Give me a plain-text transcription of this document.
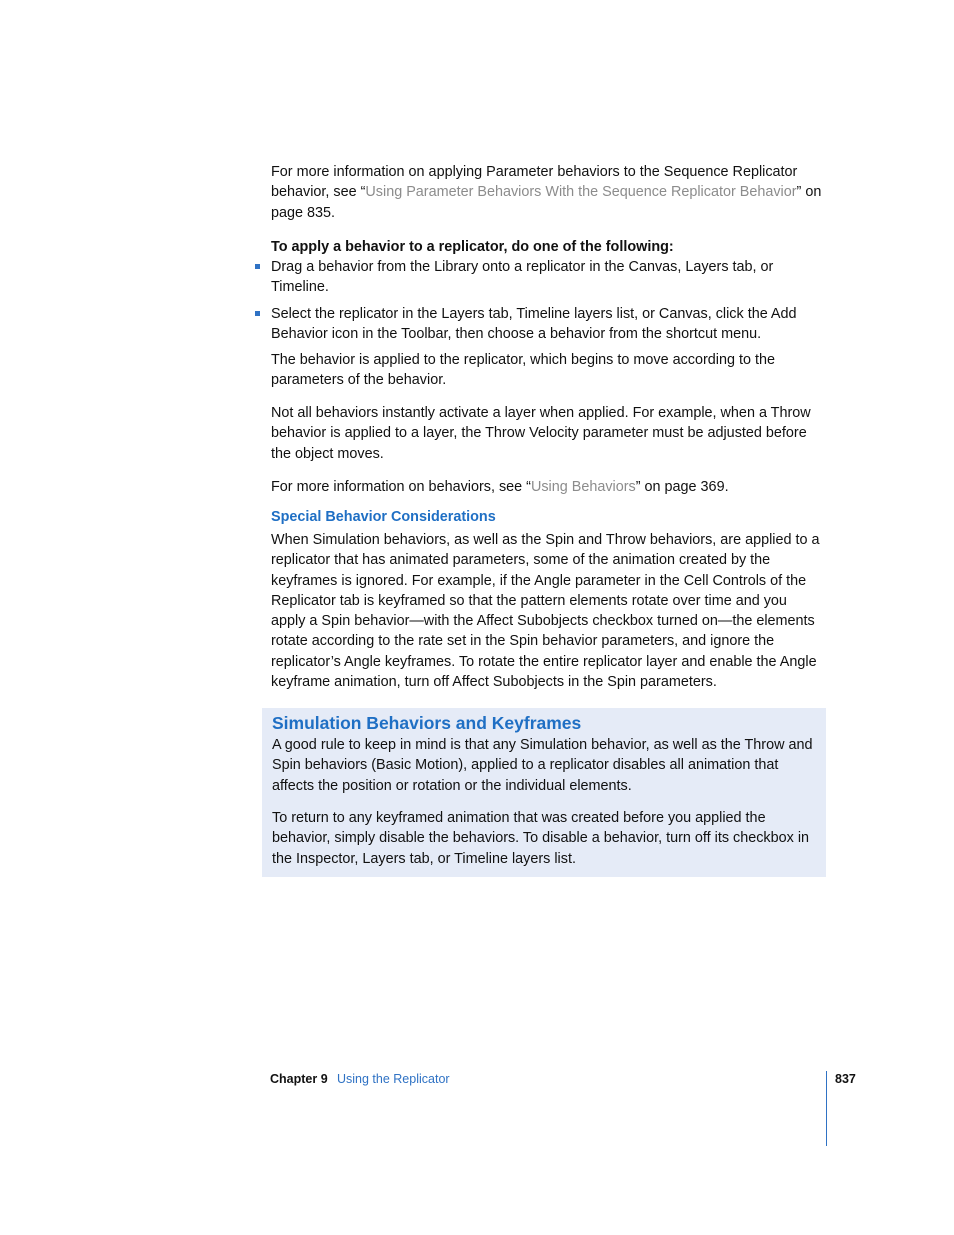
For more information on applying Parameter behaviors to the Sequence Replicator behavior, see “Using Parameter Behaviors With the Sequence Replicator Behavior” on page 835.

To apply a behavior to a replicator, do one of the following:

Drag a behavior from the Library onto a replicator in the Canvas, Layers tab, or Timeline.

Select the replicator in the Layers tab, Timeline layers list, or Canvas, click the Add Behavior icon in the Toolbar, then choose a behavior from the shortcut menu.

The behavior is applied to the replicator, which begins to move according to the parameters of the behavior.

Not all behaviors instantly activate a layer when applied. For example, when a Throw behavior is applied to a layer, the Throw Velocity parameter must be adjusted before the object moves.

For more information on behaviors, see “Using Behaviors” on page 369.

Special Behavior Considerations

When Simulation behaviors, as well as the Spin and Throw behaviors, are applied to a replicator that has animated parameters, some of the animation created by the keyframes is ignored. For example, if the Angle parameter in the Cell Controls of the Replicator tab is keyframed so that the pattern elements rotate over time and you apply a Spin behavior—with the Affect Subobjects checkbox turned on—the elements rotate according to the rate set in the Spin behavior parameters, and ignore the replicator’s Angle keyframes. To rotate the entire replicator layer and enable the Angle keyframe animation, turn off Affect Subobjects in the Spin parameters.

Simulation Behaviors and Keyframes

A good rule to keep in mind is that any Simulation behavior, as well as the Throw and Spin behaviors (Basic Motion), applied to a replicator disables all animation that affects the position or rotation or the individual elements.

To return to any keyframed animation that was created before you applied the behavior, simply disable the behaviors. To disable a behavior, turn off its checkbox in the Inspector, Layers tab, or Timeline layers list.

Chapter 9 Using the Replicator	837
